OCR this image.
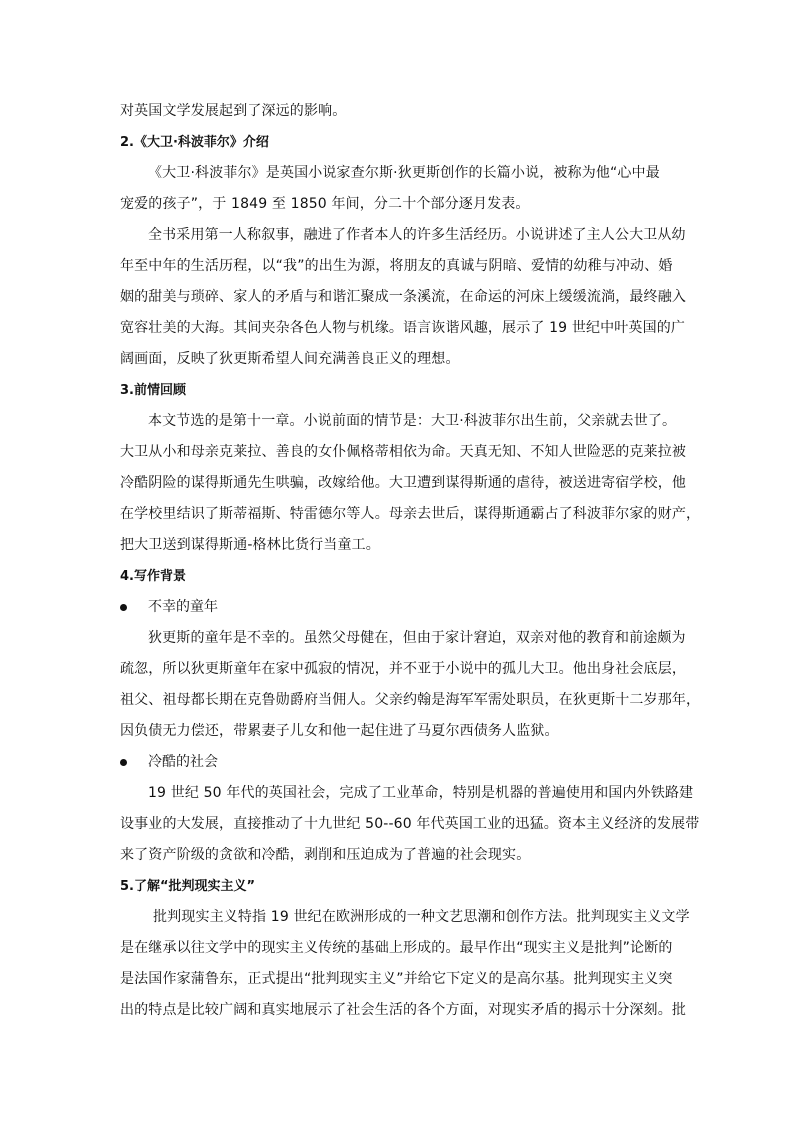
对英国文学发展起到了深远的影响。
2.《大卫·科波菲尔》介绍
《大卫·科波菲尔》是英国小说家查尔斯·狄更斯创作的长篇小说，被称为他“心中最
宠爱的孩子”，于 1849 至 1850 年间，分二十个部分逐月发表。
全书采用第一人称叙事，融进了作者本人的许多生活经历。小说讲述了主人公大卫从幼
年至中年的生活历程，以“我”的出生为源，将朋友的真诚与阴暗、爱情的幼稚与冲动、婚
姻的甜美与琐碎、家人的矛盾与和谐汇聚成一条溪流，在命运的河床上缓缓流淌，最终融入
宽容壮美的大海。其间夹杂各色人物与机缘。语言诙谐风趣，展示了 19 世纪中叶英国的广
阔画面，反映了狄更斯希望人间充满善良正义的理想。
3.前情回顾
本文节选的是第十一章。小说前面的情节是：大卫·科波菲尔出生前，父亲就去世了。
大卫从小和母亲克莱拉、善良的女仆佩格蒂相依为命。天真无知、不知人世险恶的克莱拉被
冷酷阴险的谋得斯通先生哄骗，改嫁给他。大卫遭到谋得斯通的虐待，被送进寄宿学校，他
在学校里结识了斯蒂福斯、特雷德尔等人。母亲去世后，谋得斯通霸占了科波菲尔家的财产，
把大卫送到谋得斯通-格林比货行当童工。
4.写作背景
不幸的童年
狄更斯的童年是不幸的。虽然父母健在，但由于家计窘迫，双亲对他的教育和前途颇为
疏忽，所以狄更斯童年在家中孤寂的情况，并不亚于小说中的孤儿大卫。他出身社会底层，
祖父、祖母都长期在克鲁勋爵府当佣人。父亲约翰是海军军需处职员，在狄更斯十二岁那年，
因负债无力偿还，带累妻子儿女和他一起住进了马夏尔西债务人监狱。
冷酷的社会
19 世纪 50 年代的英国社会，完成了工业革命，特别是机器的普遍使用和国内外铁路建
设事业的大发展，直接推动了十九世纪 50--60 年代英国工业的迅猛。资本主义经济的发展带
来了资产阶级的贪欲和冷酷，剥削和压迫成为了普遍的社会现实。
5.了解“批判现实主义”
批判现实主义特指 19 世纪在欧洲形成的一种文艺思潮和创作方法。批判现实主义文学
是在继承以往文学中的现实主义传统的基础上形成的。最早作出“现实主义是批判”论断的
是法国作家蒲鲁东，正式提出“批判现实主义”并给它下定义的是高尔基。批判现实主义突
出的特点是比较广阔和真实地展示了社会生活的各个方面，对现实矛盾的揭示十分深刻。批
